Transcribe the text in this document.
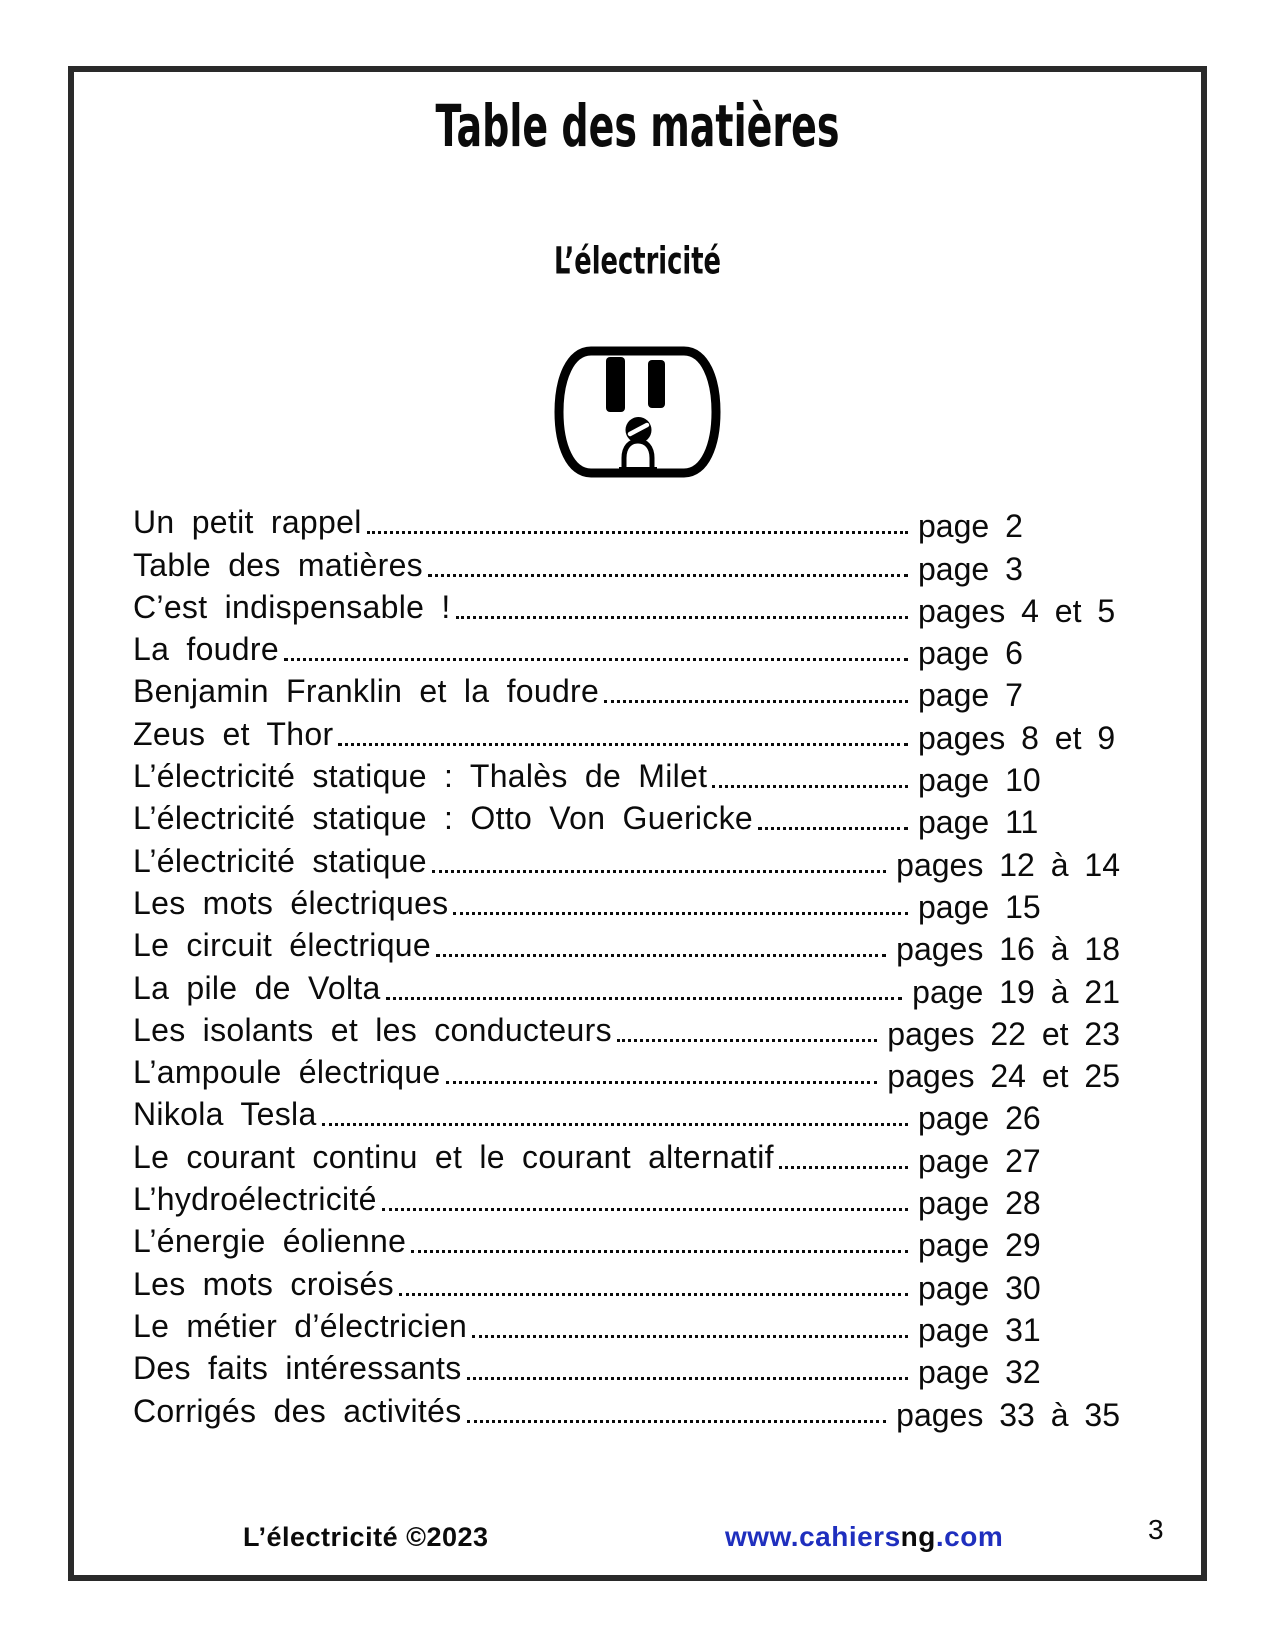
Table des matières
L’électricité
Un petit rappel	page 2
Table des matières	page 3
C’est indispensable !	pages 4 et 5
La foudre	page 6
Benjamin Franklin et la foudre	page 7
Zeus et Thor	pages 8 et 9
L’électricité statique : Thalès de Milet	page 10
L’électricité statique : Otto Von Guericke	page 11
L’électricité statique	pages 12 à 14
Les mots électriques	page 15
Le circuit électrique	pages 16 à 18
La pile de Volta	page 19 à 21
Les isolants et les conducteurs	pages 22 et 23
L’ampoule électrique	pages 24 et 25
Nikola Tesla	page 26
Le courant continu et le courant alternatif	page 27
L’hydroélectricité	page 28
L’énergie éolienne	page 29
Les mots croisés	page 30
Le métier d’électricien	page 31
Des faits intéressants	page 32
Corrigés des activités	pages 33 à 35
L’électricité ©2023	www.cahiersng.com	3
